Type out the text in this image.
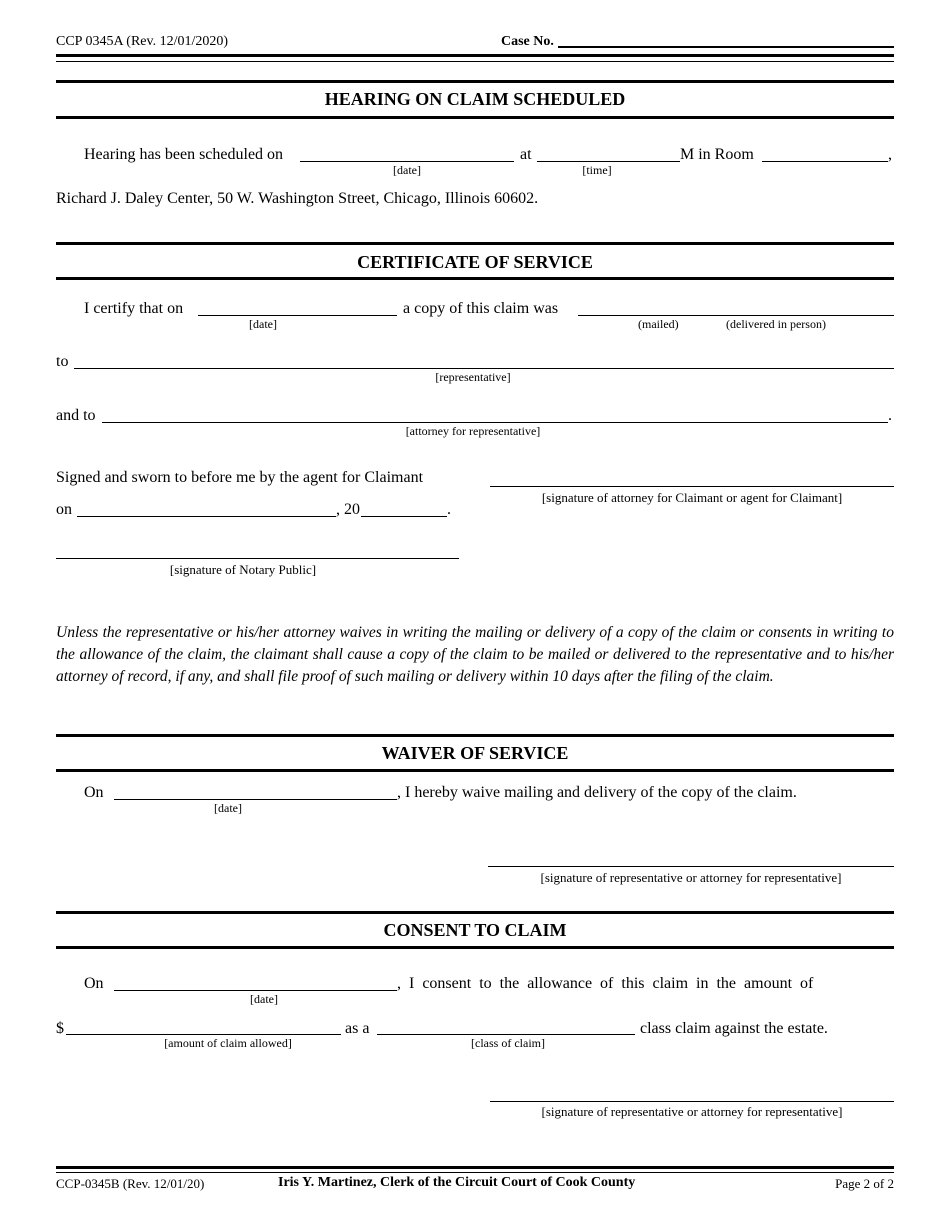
CCP 0345A (Rev. 12/01/2020)	Case No.
HEARING ON CLAIM SCHEDULED
Hearing has been scheduled on
[date]
at
[time]
M in Room	,
Richard J. Daley Center, 50 W. Washington Street, Chicago, Illinois 60602.
CERTIFICATE OF SERVICE
I certify that on
[date]
a copy of this claim was
(mailed)	(delivered in person)
to
[representative]
and to	.
[attorney for representative]
Signed and sworn to before me by the agent for Claimant
[signature of attorney for Claimant or agent for Claimant]
on	, 20	.
[signature of Notary Public]
Unless the representative or his/her attorney waives in writing the mailing or delivery of a copy of the claim or consents in writing to the allowance of the claim, the claimant shall cause a copy of the claim to be mailed or delivered to the representative and to his/her attorney of record, if any, and shall file proof of such mailing or delivery within 10 days after the filing of the claim.
WAIVER OF SERVICE
On
[date]
, I hereby waive mailing and delivery of the copy of the claim.
[signature of representative or attorney for representative]
CONSENT TO CLAIM
On
[date]
,  I  consent  to  the  allowance  of  this  claim  in  the  amount  of
$
[amount of claim allowed]
as a
[class of claim]
class claim against the estate.
[signature of representative or attorney for representative]
CCP-0345B (Rev. 12/01/20)	Iris Y. Martinez, Clerk of the Circuit Court of Cook County	Page 2 of 2
